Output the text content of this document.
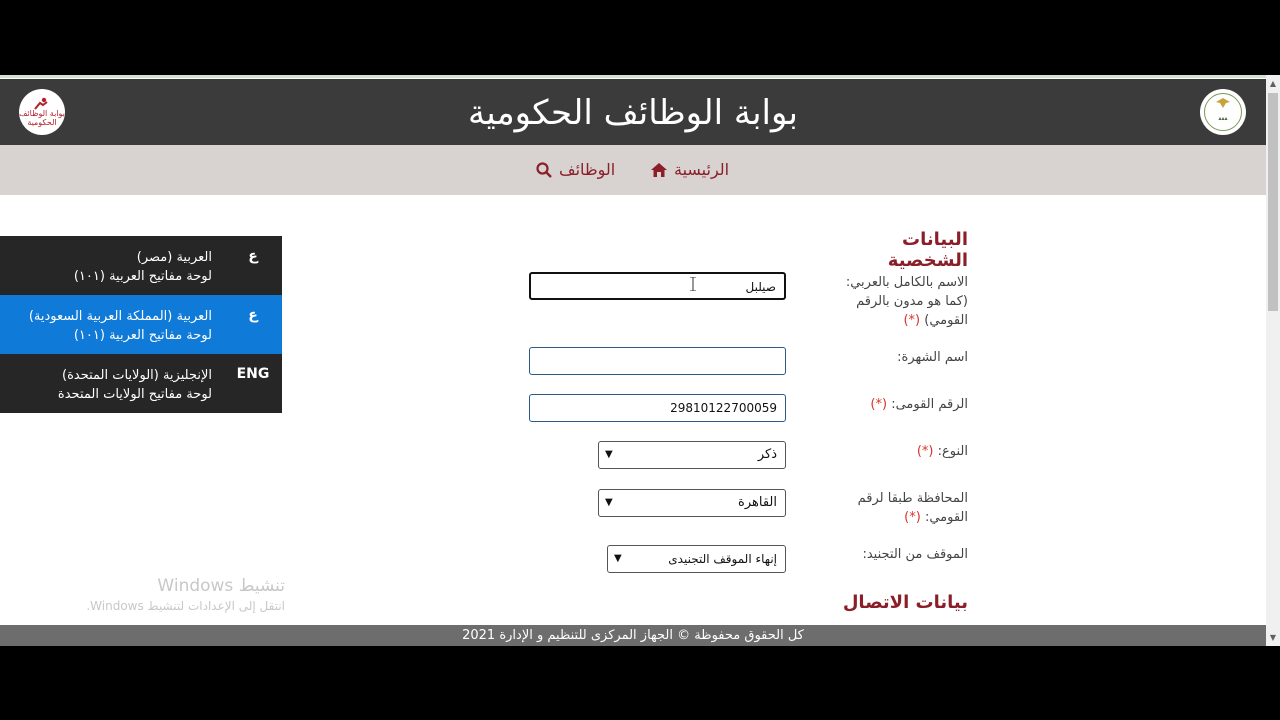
بوابة الوظائف الحكومية	بوابة الوظائف الحكومية	▴▴▴
الرئيسية
الوظائف
البيانات الشخصية
الاسم بالكامل بالعربي: (كما هو مدون بالرقم القومي) (*)
صيلبل
اسم الشهرة:
الرقم القومى: (*)
29810122700059
النوع: (*)
ذكر
▼
المحافظة طبقا لرقم القومي: (*)
القاهرة
▼
الموقف من التجنيد:
إنهاء الموقف التجنيدى
▼
بيانات الاتصال
تنشيط Windows
انتقل إلى الإعدادات لتنشيط Windows.
كل الحقوق محفوظة © الجهاز المركزى للتنظيم و الإدارة 2021
▲
▼
ع
العربية (مصر)
لوحة مفاتيح العربية (١٠١)
ع
العربية (المملكة العربية السعودية)
لوحة مفاتيح العربية (١٠١)
ENG
الإنجليزية (الولايات المتحدة)
لوحة مفاتيح الولايات المتحدة
